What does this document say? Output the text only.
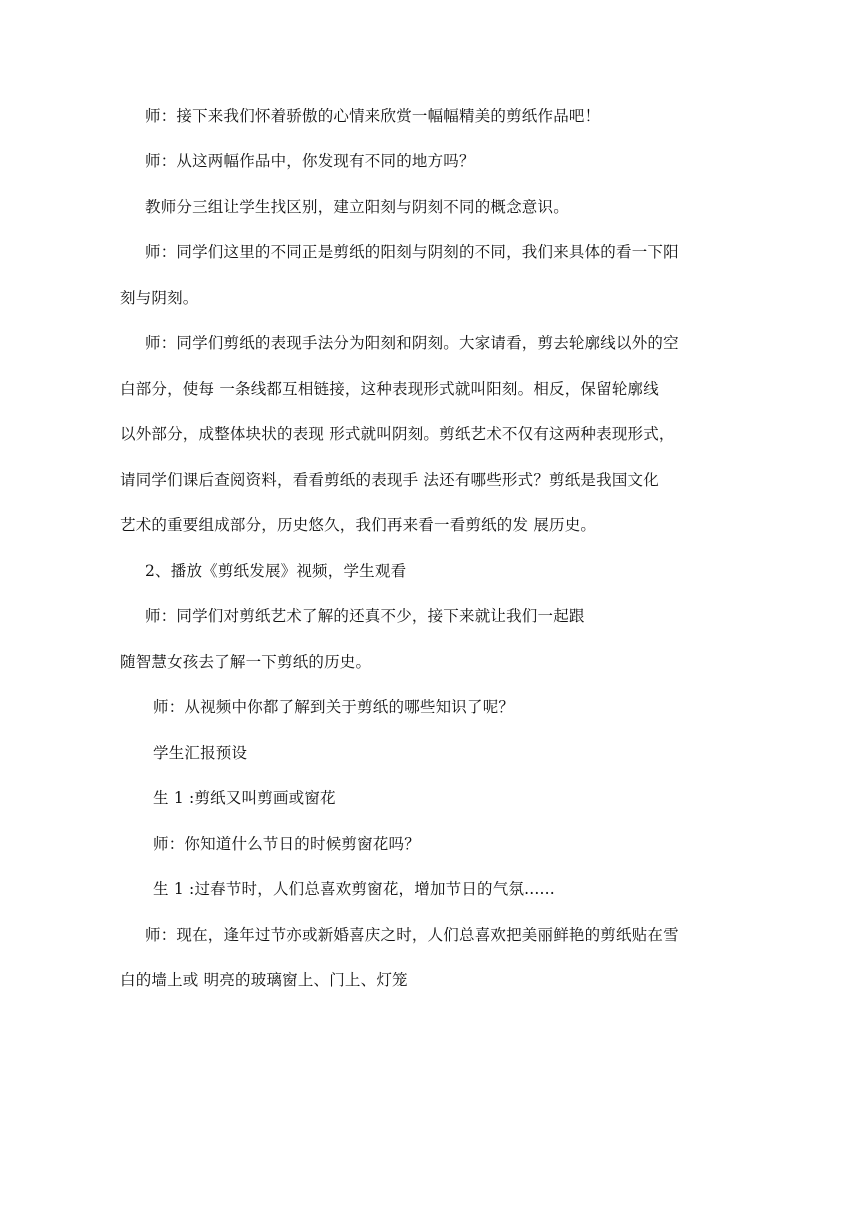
师：接下来我们怀着骄傲的心情来欣赏一幅幅精美的剪纸作品吧！
师：从这两幅作品中，你发现有不同的地方吗？
教师分三组让学生找区别，建立阳刻与阴刻不同的概念意识。
师：同学们这里的不同正是剪纸的阳刻与阴刻的不同，我们来具体的看一下阳
刻与阴刻。
师：同学们剪纸的表现手法分为阳刻和阴刻。大家请看，剪去轮廓线以外的空
白部分，使每 一条线都互相链接，这种表现形式就叫阳刻。相反，保留轮廓线
以外部分，成整体块状的表现 形式就叫阴刻。剪纸艺术不仅有这两种表现形式，
请同学们课后查阅资料，看看剪纸的表现手 法还有哪些形式？剪纸是我国文化
艺术的重要组成部分，历史悠久，我们再来看一看剪纸的发 展历史。
2、播放《剪纸发展》视频，学生观看
师：同学们对剪纸艺术了解的还真不少，接下来就让我们一起跟
随智慧女孩去了解一下剪纸的历史。
师：从视频中你都了解到关于剪纸的哪些知识了呢？
学生汇报预设
生 1 :剪纸又叫剪画或窗花
师：你知道什么节日的时候剪窗花吗？
生 1 :过春节时，人们总喜欢剪窗花，增加节日的气氛......
师：现在，逢年过节亦或新婚喜庆之时，人们总喜欢把美丽鲜艳的剪纸贴在雪
白的墙上或 明亮的玻璃窗上、门上、灯笼
